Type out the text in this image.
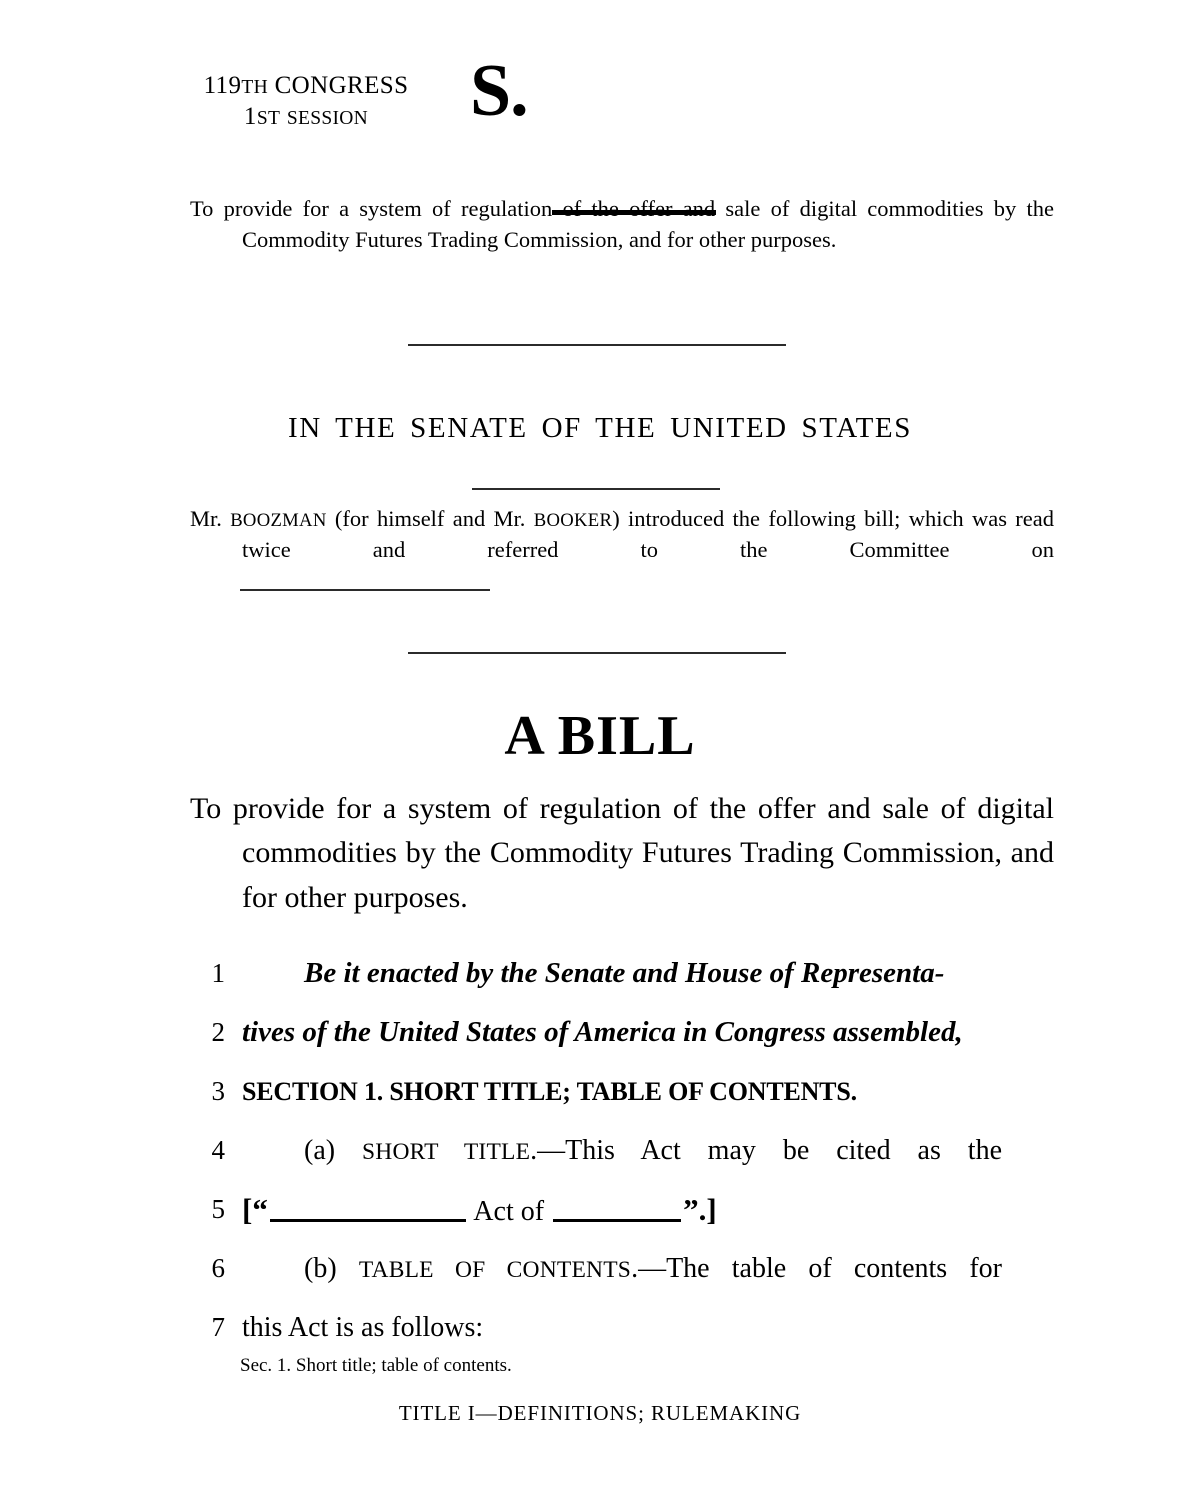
119TH CONGRESS
1ST SESSION	S.
To provide for a system of regulation of the offer and sale of digital commodities by the Commodity Futures Trading Commission, and for other purposes.
IN THE SENATE OF THE UNITED STATES
Mr. BOOZMAN (for himself and Mr. BOOKER) introduced the following bill; which was read twice and referred to the Committee on
A BILL
To provide for a system of regulation of the offer and sale of digital commodities by the Commodity Futures Trading Commission, and for other purposes.
1	Be it enacted by the Senate and House of Representa-
2 tives of the United States of America in Congress assembled,
3 SECTION 1. SHORT TITLE; TABLE OF CONTENTS.
4	(a) SHORT TITLE.—This Act may be cited as the
5 [“	Act of	”.]
6	(b) TABLE OF CONTENTS.—The table of contents for
7 this Act is as follows:
Sec. 1. Short title; table of contents.
TITLE I—DEFINITIONS; RULEMAKING
